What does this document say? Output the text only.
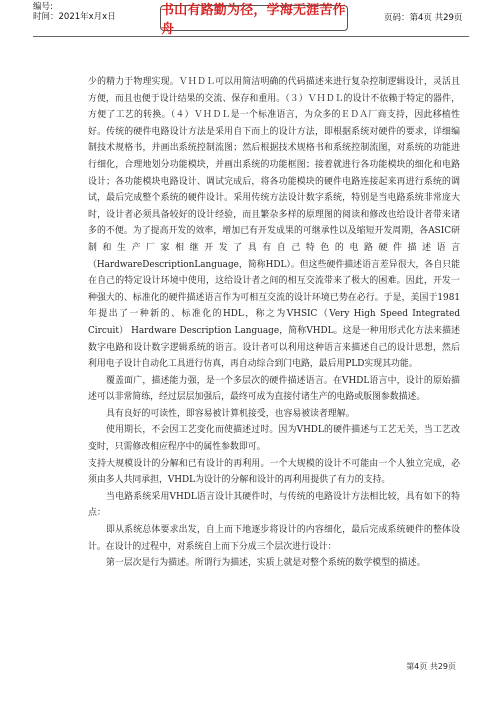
编号:
时间：2021年x月x日	书山有路勤为径，学海无涯苦作舟
页码：第4页 共29页

少的精力于物理实现。ＶＨＤＬ可以用简洁明确的代码描述来进行复杂控制逻辑设计，灵活且方便，而且也便于设计结果的交流、保存和重用。（３）ＶＨＤＬ的设计不依赖于特定的器件，方便了工艺的转换。（４）ＶＨＤＬ是一个标准语言，为众多的ＥＤＡ厂商支持，因此移植性好。传统的硬件电路设计方法是采用自下而上的设计方法，即根据系统对硬件的要求，详细编制技术规格书，并画出系统控制流图；然后根据技术规格书和系统控制流图，对系统的功能进行细化，合理地划分功能模块，并画出系统的功能框图；接着就进行各功能模块的细化和电路设计；各功能模块电路设计、调试完成后，将各功能模块的硬件电路连接起来再进行系统的调试，最后完成整个系统的硬件设计。采用传统方法设计数字系统，特别是当电路系统非常庞大时，设计者必须具备较好的设计经验，而且繁杂多样的原理图的阅读和修改也给设计者带来诸多的不便。为了提高开发的效率，增加已有开发成果的可继承性以及缩短开发周期，各ASIC研制和生产厂家相继开发了具有自己特色的电路硬件描述语言（HardwareDescriptionLanguage，简称HDL）。但这些硬件描述语言差异很大，各自只能在自己的特定设计环境中使用，这给设计者之间的相互交流带来了极大的困难。因此，开发一种强大的、标准化的硬件描述语言作为可相互交流的设计环境已势在必行。于是，美国于1981年提出了一种新的、标准化的HDL，称之为VHSIC（Very High Speed Integrated Circuit） Hardware Description Language，简称VHDL。这是一种用形式化方法来描述数字电路和设计数字逻辑系统的语言。设计者可以利用这种语言来描述自己的设计思想，然后利用电子设计自动化工具进行仿真，再自动综合到门电路，最后用PLD实现其功能。

覆盖面广，描述能力强，是一个多层次的硬件描述语言。在VHDL语言中，设计的原始描述可以非常简练，经过层层加强后，最终可成为直接付诸生产的电路或版图参数描述。

具有良好的可读性，即容易被计算机接受，也容易被读者理解。

使用期长，不会因工艺变化而使描述过时。因为VHDL的硬件描述与工艺无关，当工艺改变时，只需修改相应程序中的属性参数即可。

支持大规模设计的分解和已有设计的再利用。一个大规模的设计不可能由一个人独立完成，必须由多人共同承担，VHDL为设计的分解和设计的再利用提供了有力的支持。

当电路系统采用VHDL语言设计其硬件时，与传统的电路设计方法相比较，具有如下的特点：

即从系统总体要求出发，自上而下地逐步将设计的内容细化，最后完成系统硬件的整体设计。在设计的过程中，对系统自上而下分成三个层次进行设计：

第一层次是行为描述。所谓行为描述，实质上就是对整个系统的数学模型的描述。

第4页 共29页
